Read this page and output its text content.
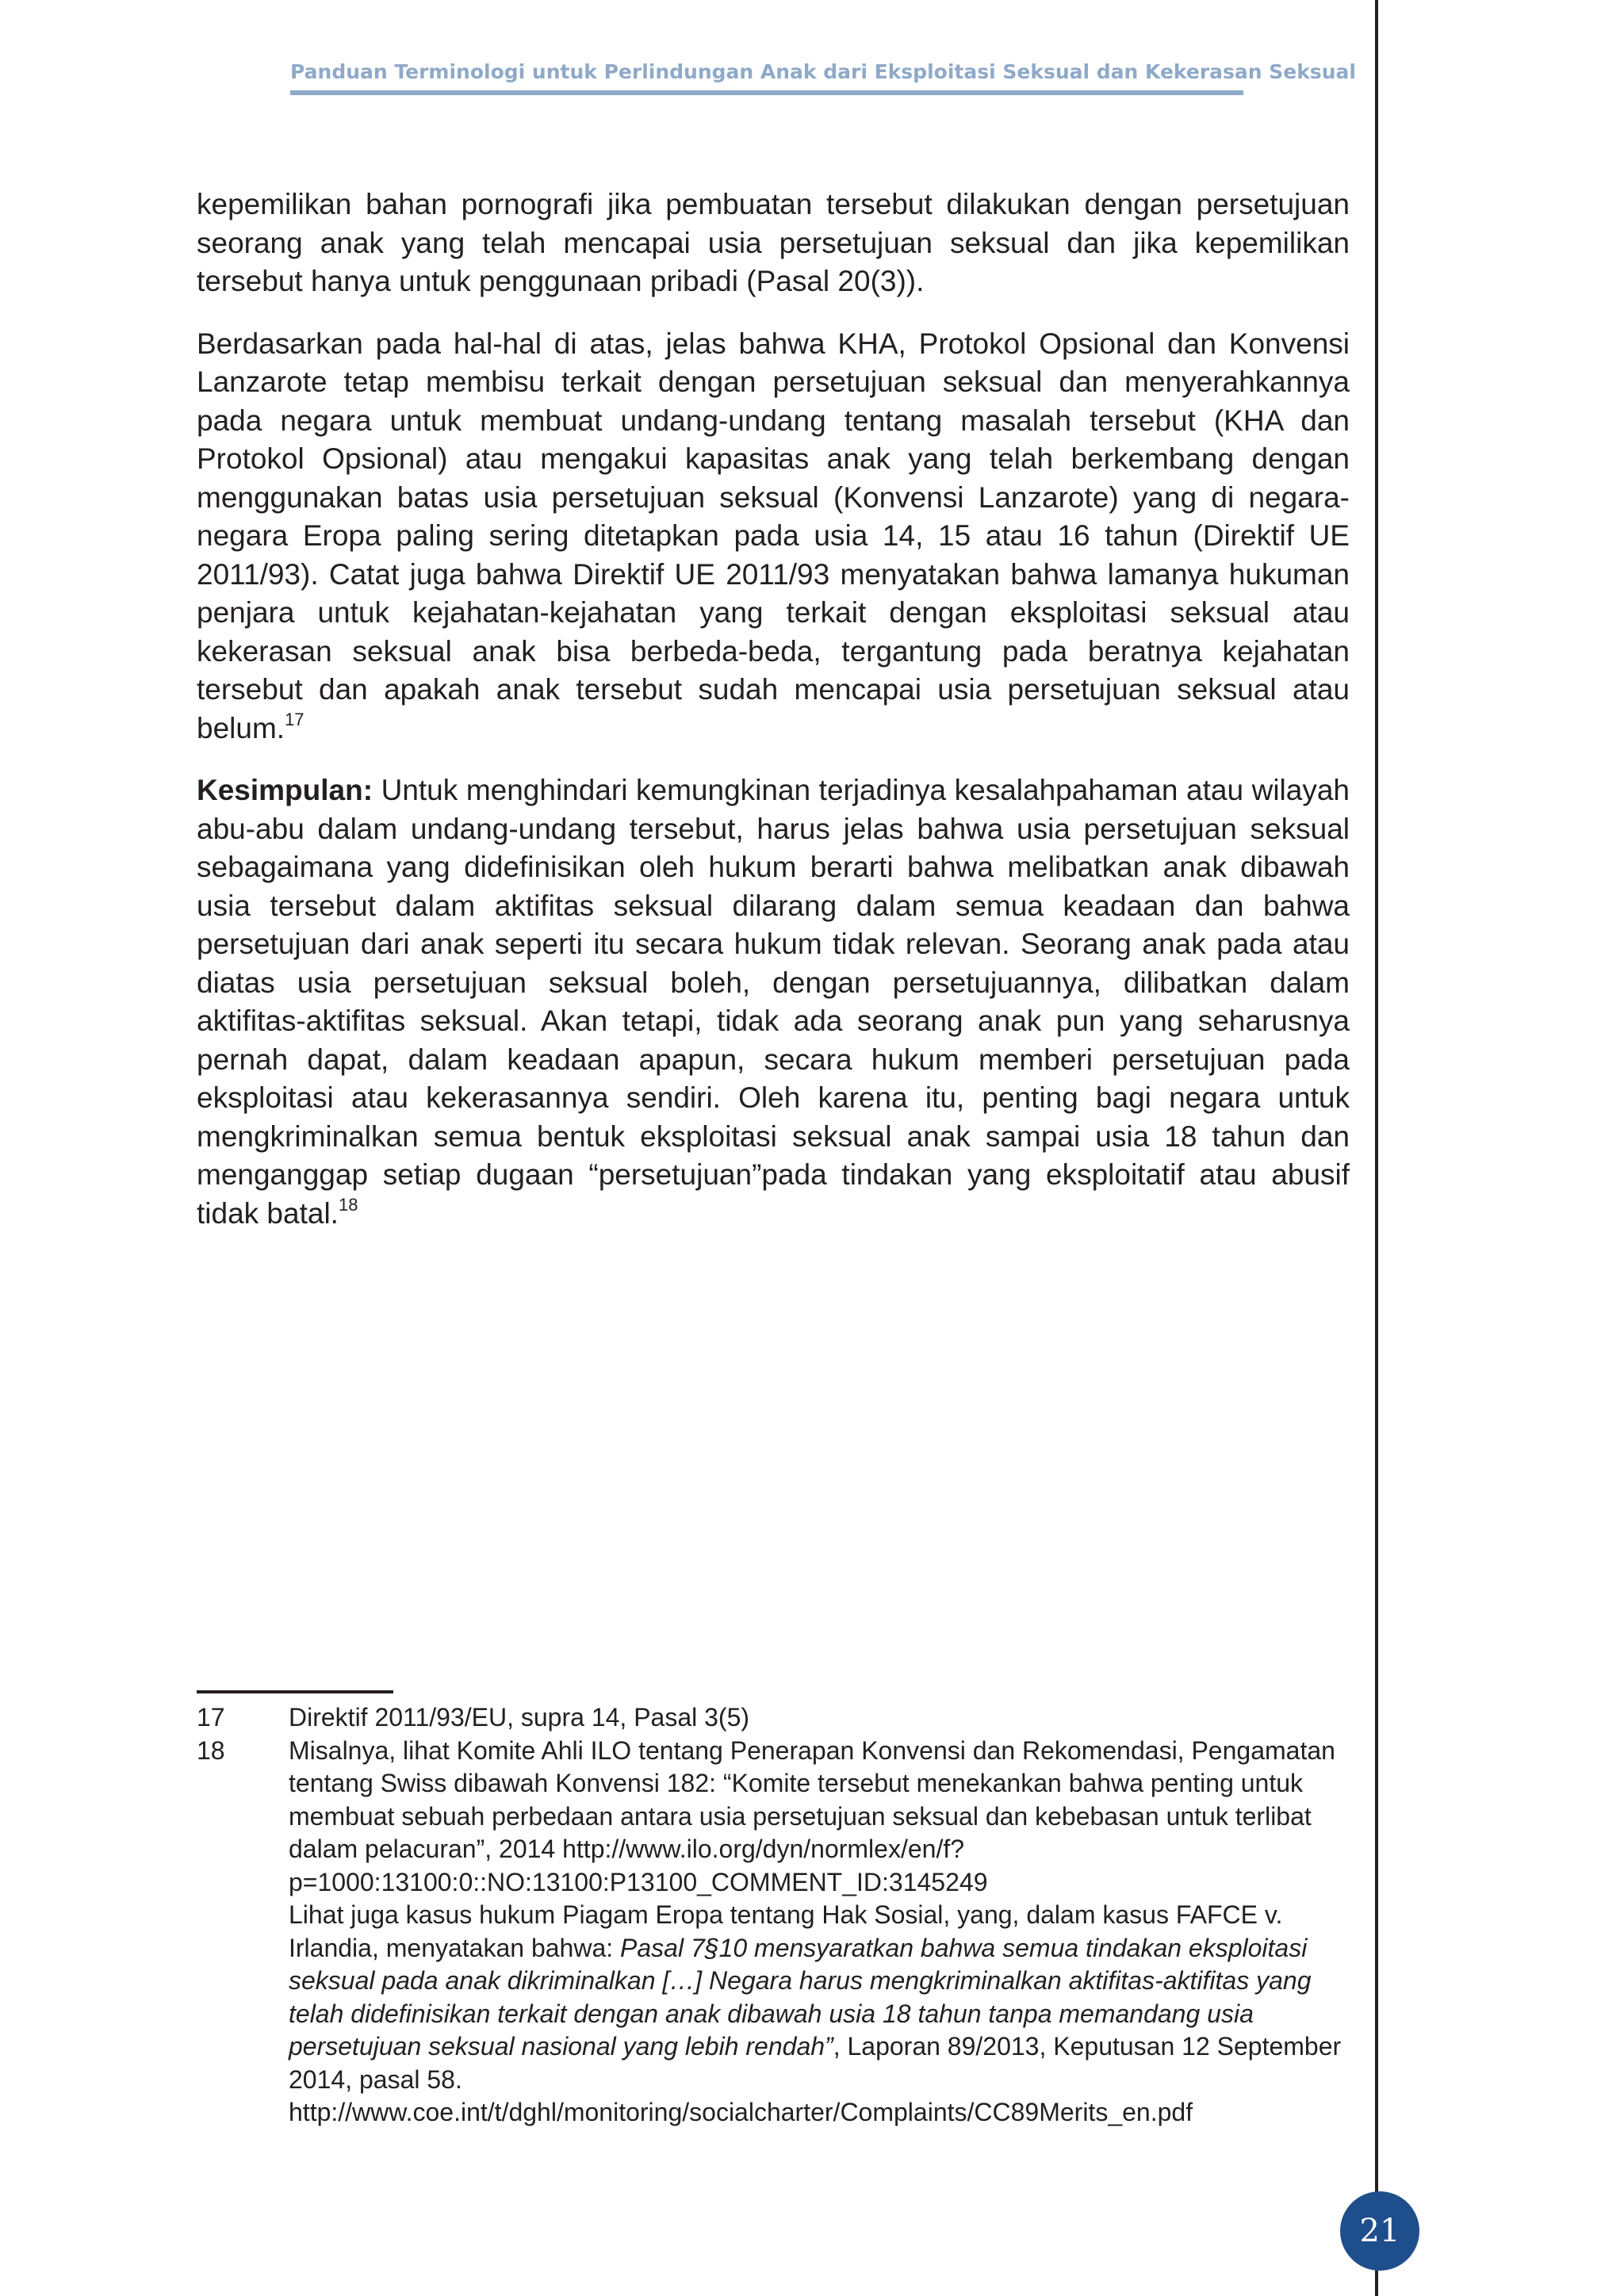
Panduan Terminologi untuk Perlindungan Anak dari Eksploitasi Seksual dan Kekerasan Seksual

kepemilikan bahan pornografi jika pembuatan tersebut dilakukan dengan persetujuan seorang anak yang telah mencapai usia persetujuan seksual dan jika kepemilikan tersebut hanya untuk penggunaan pribadi (Pasal 20(3)).

Berdasarkan pada hal-hal di atas, jelas bahwa KHA, Protokol Opsional dan Konvensi Lanzarote tetap membisu terkait dengan persetujuan seksual dan menyerahkannya pada negara untuk membuat undang-undang tentang masalah tersebut (KHA dan Protokol Opsional) atau mengakui kapasitas anak yang telah berkembang dengan menggunakan batas usia persetujuan seksual (Konvensi Lanzarote) yang di negara-negara Eropa paling sering ditetapkan pada usia 14, 15 atau 16 tahun (Direktif UE 2011/93). Catat juga bahwa Direktif UE 2011/93 menyatakan bahwa lamanya hukuman penjara untuk kejahatan-kejahatan yang terkait dengan eksploitasi seksual atau kekerasan seksual anak bisa berbeda-beda, tergantung pada beratnya kejahatan tersebut dan apakah anak tersebut sudah mencapai usia persetujuan seksual atau belum.$^{17}$

Kesimpulan: Untuk menghindari kemungkinan terjadinya kesalahpahaman atau wilayah abu-abu dalam undang-undang tersebut, harus jelas bahwa usia persetujuan seksual sebagaimana yang didefinisikan oleh hukum berarti bahwa melibatkan anak dibawah usia tersebut dalam aktifitas seksual dilarang dalam semua keadaan dan bahwa persetujuan dari anak seperti itu secara hukum tidak relevan. Seorang anak pada atau diatas usia persetujuan seksual boleh, dengan persetujuannya, dilibatkan dalam aktifitas-aktifitas seksual. Akan tetapi, tidak ada seorang anak pun yang seharusnya pernah dapat, dalam keadaan apapun, secara hukum memberi persetujuan pada eksploitasi atau kekerasannya sendiri. Oleh karena itu, penting bagi negara untuk mengkriminalkan semua bentuk eksploitasi seksual anak sampai usia 18 tahun dan menganggap setiap dugaan “persetujuan”pada tindakan yang eksploitatif atau abusif tidak batal.$^{18}$

17	Direktif 2011/93/EU, supra 14, Pasal 3(5)
18	Misalnya, lihat Komite Ahli ILO tentang Penerapan Konvensi dan Rekomendasi, Pengamatan tentang Swiss dibawah Konvensi 182: “Komite tersebut menekankan bahwa penting untuk membuat sebuah perbedaan antara usia persetujuan seksual dan kebebasan untuk terlibat dalam pelacuran”, 2014 http://www.ilo.org/dyn/normlex/en/f?p=1000:13100:0::NO:13100:P13100_COMMENT_ID:3145249
Lihat juga kasus hukum Piagam Eropa tentang Hak Sosial, yang, dalam kasus FAFCE v. Irlandia, menyatakan bahwa: Pasal 7§10 mensyaratkan bahwa semua tindakan eksploitasi seksual pada anak dikriminalkan […] Negara harus mengkriminalkan aktifitas-aktifitas yang telah didefinisikan terkait dengan anak dibawah usia 18 tahun tanpa memandang usia persetujuan seksual nasional yang lebih rendah”, Laporan 89/2013, Keputusan 12 September 2014, pasal 58.
http://www.coe.int/t/dghl/monitoring/socialcharter/Complaints/CC89Merits_en.pdf
21
